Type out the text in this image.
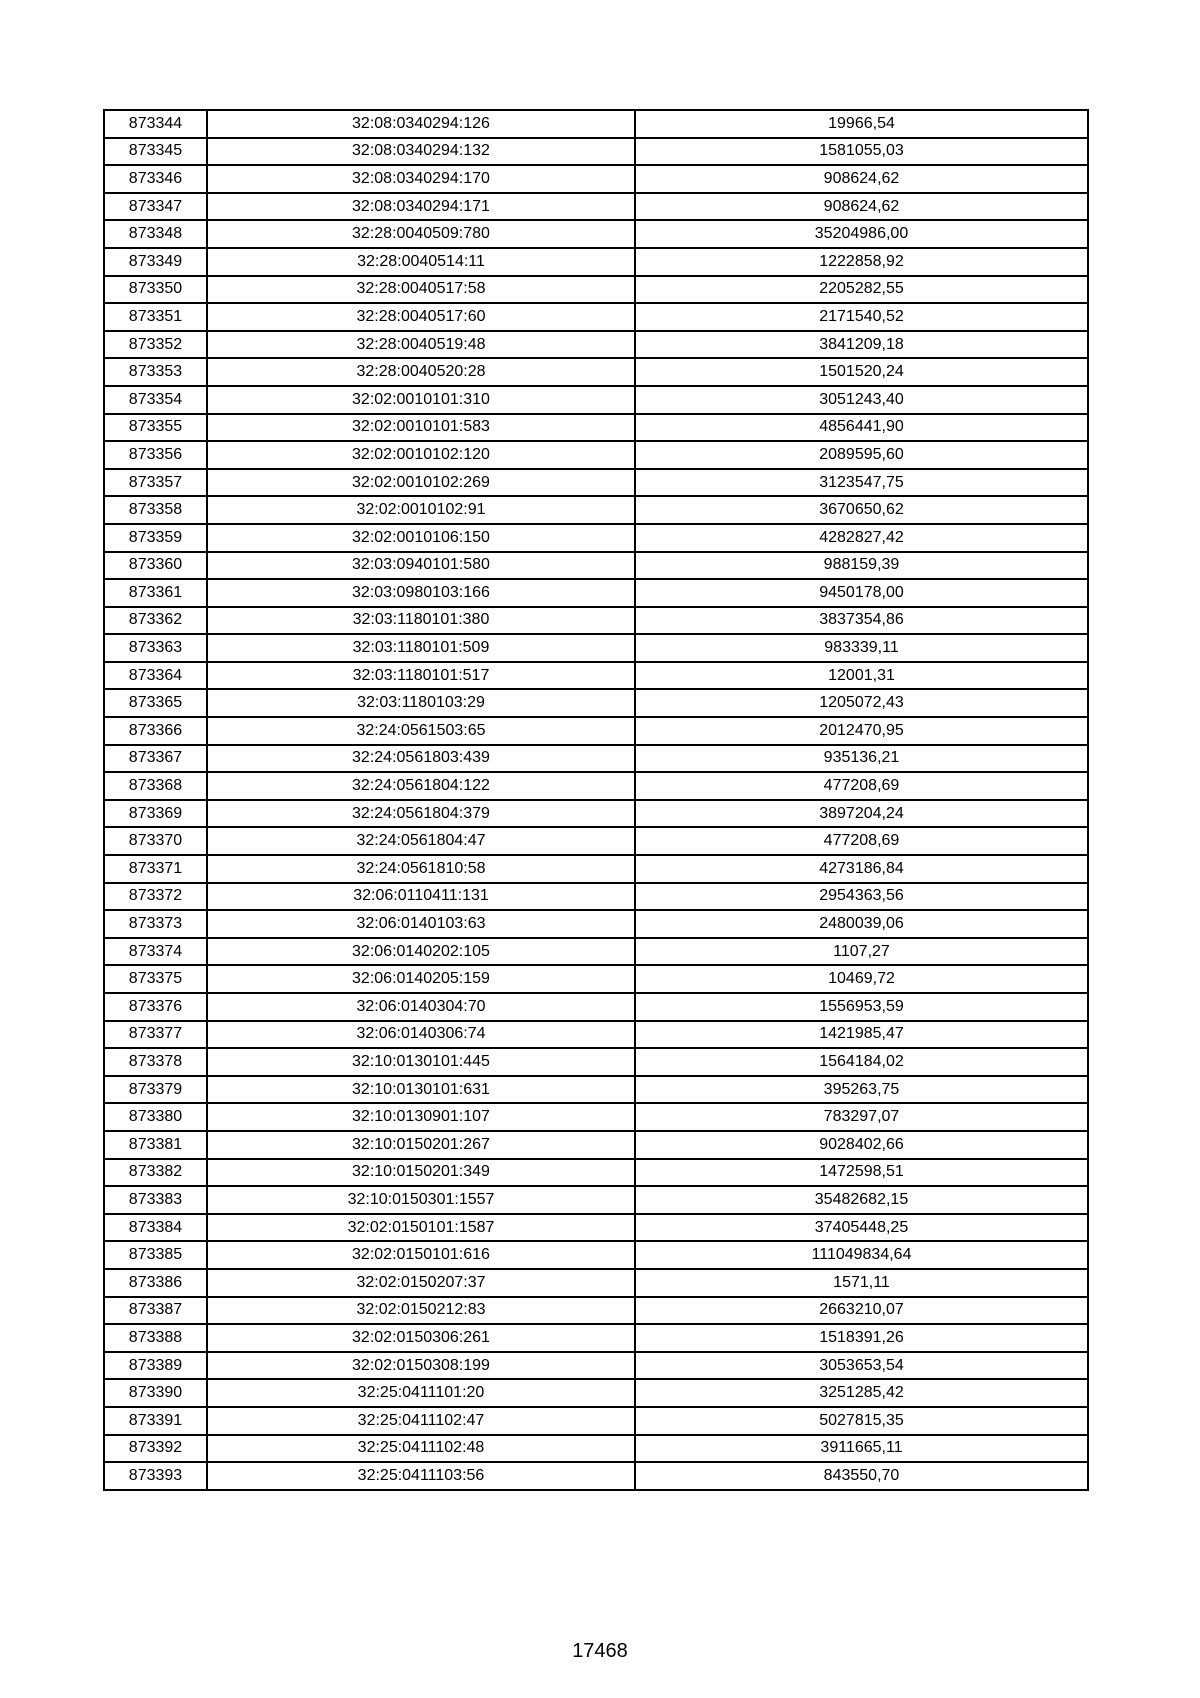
873344	32:08:0340294:126	19966,54
873345	32:08:0340294:132	1581055,03
873346	32:08:0340294:170	908624,62
873347	32:08:0340294:171	908624,62
873348	32:28:0040509:780	35204986,00
873349	32:28:0040514:11	1222858,92
873350	32:28:0040517:58	2205282,55
873351	32:28:0040517:60	2171540,52
873352	32:28:0040519:48	3841209,18
873353	32:28:0040520:28	1501520,24
873354	32:02:0010101:310	3051243,40
873355	32:02:0010101:583	4856441,90
873356	32:02:0010102:120	2089595,60
873357	32:02:0010102:269	3123547,75
873358	32:02:0010102:91	3670650,62
873359	32:02:0010106:150	4282827,42
873360	32:03:0940101:580	988159,39
873361	32:03:0980103:166	9450178,00
873362	32:03:1180101:380	3837354,86
873363	32:03:1180101:509	983339,11
873364	32:03:1180101:517	12001,31
873365	32:03:1180103:29	1205072,43
873366	32:24:0561503:65	2012470,95
873367	32:24:0561803:439	935136,21
873368	32:24:0561804:122	477208,69
873369	32:24:0561804:379	3897204,24
873370	32:24:0561804:47	477208,69
873371	32:24:0561810:58	4273186,84
873372	32:06:0110411:131	2954363,56
873373	32:06:0140103:63	2480039,06
873374	32:06:0140202:105	1107,27
873375	32:06:0140205:159	10469,72
873376	32:06:0140304:70	1556953,59
873377	32:06:0140306:74	1421985,47
873378	32:10:0130101:445	1564184,02
873379	32:10:0130101:631	395263,75
873380	32:10:0130901:107	783297,07
873381	32:10:0150201:267	9028402,66
873382	32:10:0150201:349	1472598,51
873383	32:10:0150301:1557	35482682,15
873384	32:02:0150101:1587	37405448,25
873385	32:02:0150101:616	111049834,64
873386	32:02:0150207:37	1571,11
873387	32:02:0150212:83	2663210,07
873388	32:02:0150306:261	1518391,26
873389	32:02:0150308:199	3053653,54
873390	32:25:0411101:20	3251285,42
873391	32:25:0411102:47	5027815,35
873392	32:25:0411102:48	3911665,11
873393	32:25:0411103:56	843550,70
17468
